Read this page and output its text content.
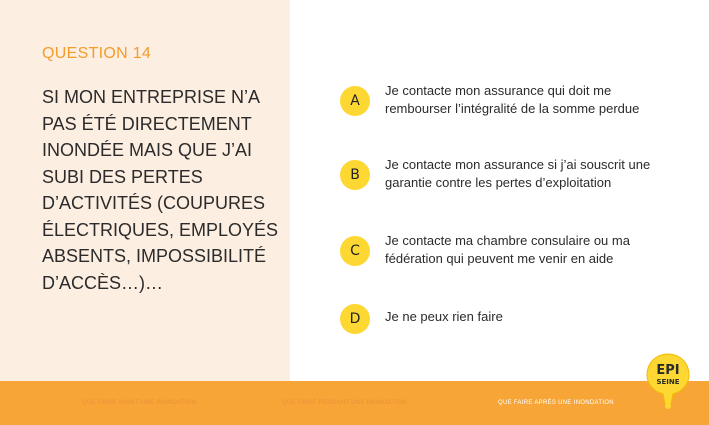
QUESTION 14
SI MON ENTREPRISE N’A PAS ÉTÉ DIRECTEMENT INONDÉE MAIS QUE J’AI SUBI DES PERTES D’ACTIVITÉS (COUPURES ÉLECTRIQUES, EMPLOYÉS ABSENTS, IMPOSSIBILITÉ D’ACCÈS…)…
A
Je contacte mon assurance qui doit me rembourser l’intégralité de la somme perdue
B
Je contacte mon assurance si j’ai souscrit une garantie contre les pertes d’exploitation
C
Je contacte ma chambre consulaire ou ma fédération qui peuvent me venir en aide
D	Je ne peux rien faire
QUE FAIRE AVANT UNE INONDATION	QUE FAIRE PENDANT UNE INONDATION	QUE FAIRE APRÈS UNE INONDATION
EPI
SEINE
